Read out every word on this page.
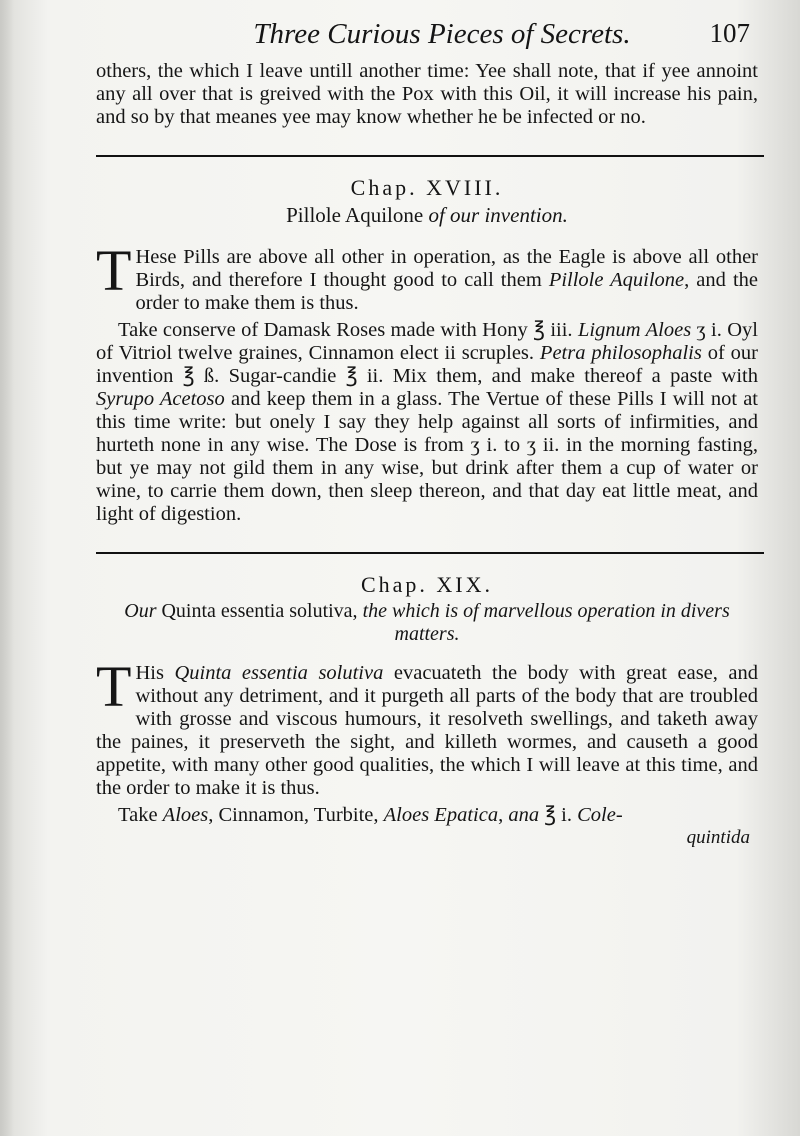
Three Curious Pieces of Secrets.	107

others, the which I leave untill another time: Yee shall note, that if yee annoint any all over that is greived with the Pox with this Oil, it will increase his pain, and so by that meanes yee may know whether he be infected or no.

Chap. XVIII.
Pillole Aquilone of our invention.

T Hese Pills are above all other in operation, as the Eagle is above all other Birds, and therefore I thought good to call them Pillole Aquilone, and the order to make them is thus.

Take conserve of Damask Roses made with Hony ℥ iii. Lignum Aloes ʒ i. Oyl of Vitriol twelve graines, Cinnamon elect ii scruples. Petra philosophalis of our invention ℥ ß. Sugar-candie ℥ ii. Mix them, and make thereof a paste with Syrupo Acetoso and keep them in a glass. The Vertue of these Pills I will not at this time write: but onely I say they help against all sorts of infirmities, and hurteth none in any wise. The Dose is from ʒ i. to ʒ ii. in the morning fasting, but ye may not gild them in any wise, but drink after them a cup of water or wine, to carrie them down, then sleep thereon, and that day eat little meat, and light of digestion.

Chap. XIX.
Our Quinta essentia solutiva, the which is of marvellous operation in divers matters.

T His Quinta essentia solutiva evacuateth the body with great ease, and without any detriment, and it purgeth all parts of the body that are troubled with grosse and viscous humours, it resolveth swellings, and taketh away the paines, it preserveth the sight, and killeth wormes, and causeth a good appetite, with many other good qualities, the which I will leave at this time, and the order to make it is thus.

Take Aloes, Cinnamon, Turbite, Aloes Epatica, ana ℥ i. Cole-

quintida
